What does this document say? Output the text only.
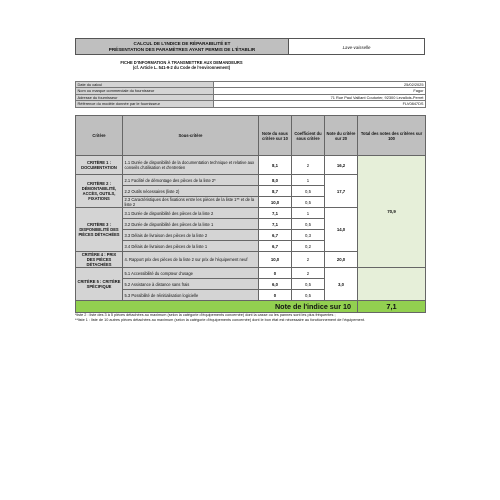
CALCUL DE L'INDICE DE RÉPARABILITÉ ET
PRÉSENTATION DES PARAMÈTRES AYANT PERMIS DE L'ÉTABLIR	Lave-vaisselle
FICHE D'INFORMATION À TRANSMETTRE AUX DEMANDEURS
(cf. Article L. 541-9-2 du Code de l'environnement)
Date du calcul	25/02/2025
Nom ou marque commerciale du fournisseur	Fagor
Adresse du fournisseur	71 Rue Paul Vaillant Couturier, 92300 Levallois-Perret
Référence du modèle donnée par le fournisseur	FLV0847DS
Critère	Sous-critère	Note du sous critère sur 10	Coefficient du sous critère	Note du critère sur 20	Total des notes des critères sur 100
CRITÈRE 1 : DOCUMENTATION	1.1 Durée de disponibilité de la documentation technique et relative aux conseils d'utilisation et d'entretien	8,1	2	16,2	70,9
CRITÈRE 2 : DÉMONTABILITÉ, ACCÈS, OUTILS, FIXATIONS	2.1 Facilité de démontage des pièces de la liste 2*	8,0	1	17,7	
	2.2 Outils nécessaires (liste 2)	8,7	0,5		
	2.3 Caractéristiques des fixations entre les pièces de la liste 1** et de la liste 2	10,0	0,5		
CRITÈRE 3 : DISPONIBILITÉ DES PIÈCES DÉTACHÉES	3.1 Durée de disponibilité des pièces de la liste 2	7,1	1	14,0	
	3.2 Durée de disponibilité des pièces de la liste 1	7,1	0,5		
	3.3 Délais de livraison des pièces de la liste 2	6,7	0,3		
	3.4 Délais de livraison des pièces de la liste 1	6,7	0,2		
CRITÈRE 4 : PRIX DES PIÈCES DÉTACHÉES	4. Rapport prix des pièces de la liste 2 sur prix de l'équipement neuf	10,0	2	20,0	
CRITÈRE 5 : CRITÈRE SPÉCIFIQUE	5.1 Accessibilité du compteur d'usage	0	2	3,0	
	5.2 Assistance à distance sans frais	6,0	0,5		
	5.3 Possibilité de réinitialisation logicielle	0	0,5		
Note de l'indice sur 10					7,1
*liste 2 : liste des 3 à 5 pièces détachées au maximum (selon la catégorie d'équipements concernée) dont la casse ou les pannes sont les plus fréquentes ;
**liste 1 : liste de 10 autres pièces détachées au maximum (selon la catégorie d'équipements concernée) dont le bon état est nécessaire au fonctionnement de l'équipement.
